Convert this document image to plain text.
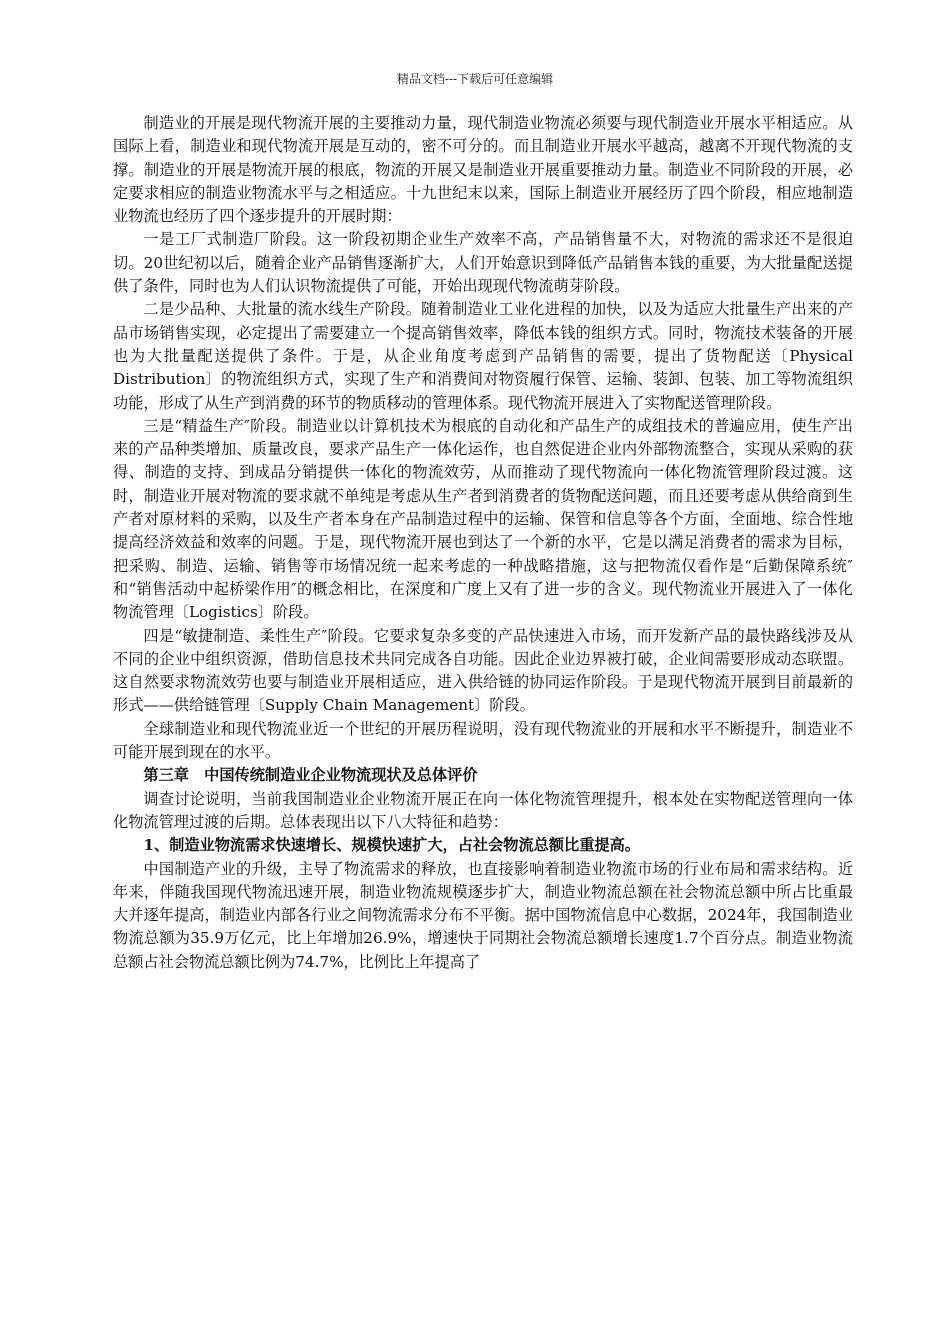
精品文档---下载后可任意编辑

制造业的开展是现代物流开展的主要推动力量，现代制造业物流必须要与现代制造业开展水平相适应。从国际上看，制造业和现代物流开展是互动的，密不可分的。而且制造业开展水平越高，越离不开现代物流的支撑。制造业的开展是物流开展的根底，物流的开展又是制造业开展重要推动力量。制造业不同阶段的开展，必定要求相应的制造业物流水平与之相适应。十九世纪末以来，国际上制造业开展经历了四个阶段，相应地制造业物流也经历了四个逐步提升的开展时期：

一是工厂式制造厂阶段。这一阶段初期企业生产效率不高，产品销售量不大，对物流的需求还不是很迫切。20世纪初以后，随着企业产品销售逐渐扩大，人们开始意识到降低产品销售本钱的重要，为大批量配送提供了条件，同时也为人们认识物流提供了可能，开始出现现代物流萌芽阶段。

二是少品种、大批量的流水线生产阶段。随着制造业工业化进程的加快，以及为适应大批量生产出来的产品市场销售实现，必定提出了需要建立一个提高销售效率，降低本钱的组织方式。同时，物流技术装备的开展也为大批量配送提供了条件。于是，从企业角度考虑到产品销售的需要，提出了货物配送〔Physical Distribution〕的物流组织方式，实现了生产和消费间对物资履行保管、运输、装卸、包装、加工等物流组织功能，形成了从生产到消费的环节的物质移动的管理体系。现代物流开展进入了实物配送管理阶段。

三是“精益生产″阶段。制造业以计算机技术为根底的自动化和产品生产的成组技术的普遍应用，使生产出来的产品种类增加、质量改良，要求产品生产一体化运作，也自然促进企业内外部物流整合，实现从采购的获得、制造的支持、到成品分销提供一体化的物流效劳，从而推动了现代物流向一体化物流管理阶段过渡。这时，制造业开展对物流的要求就不单纯是考虑从生产者到消费者的货物配送问题，而且还要考虑从供给商到生产者对原材料的采购，以及生产者本身在产品制造过程中的运输、保管和信息等各个方面，全面地、综合性地提高经济效益和效率的问题。于是，现代物流开展也到达了一个新的水平，它是以满足消费者的需求为目标，把采购、制造、运输、销售等市场情况统一起来考虑的一种战略措施，这与把物流仅看作是“后勤保障系统″和“销售活动中起桥梁作用″的概念相比，在深度和广度上又有了进一步的含义。现代物流业开展进入了一体化物流管理〔Logistics〕阶段。

四是“敏捷制造、柔性生产″阶段。它要求复杂多变的产品快速进入市场，而开发新产品的最快路线涉及从不同的企业中组织资源，借助信息技术共同完成各自功能。因此企业边界被打破，企业间需要形成动态联盟。这自然要求物流效劳也要与制造业开展相适应，进入供给链的协同运作阶段。于是现代物流开展到目前最新的形式——供给链管理〔Supply Chain Management〕阶段。

全球制造业和现代物流业近一个世纪的开展历程说明，没有现代物流业的开展和水平不断提升，制造业不可能开展到现在的水平。

第三章　中国传统制造业企业物流现状及总体评价

调查讨论说明，当前我国制造业企业物流开展正在向一体化物流管理提升，根本处在实物配送管理向一体化物流管理过渡的后期。总体表现出以下八大特征和趋势：

1、制造业物流需求快速增长、规模快速扩大，占社会物流总额比重提高。

中国制造产业的升级，主导了物流需求的释放，也直接影响着制造业物流市场的行业布局和需求结构。近年来，伴随我国现代物流迅速开展，制造业物流规模逐步扩大，制造业物流总额在社会物流总额中所占比重最大并逐年提高，制造业内部各行业之间物流需求分布不平衡。据中国物流信息中心数据，2024年，我国制造业物流总额为35.9万亿元，比上年增加26.9%，增速快于同期社会物流总额增长速度1.7个百分点。制造业物流总额占社会物流总额比例为74.7%，比例比上年提高了
